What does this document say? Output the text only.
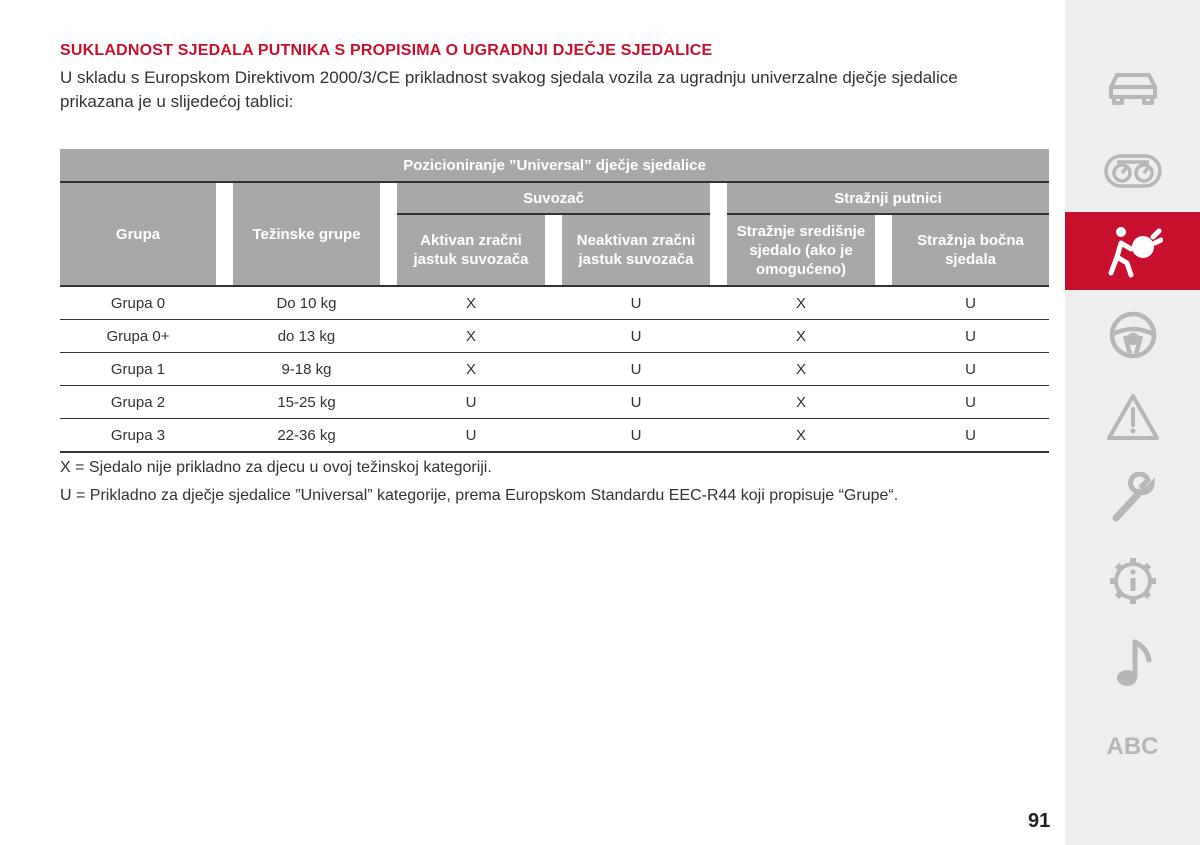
SUKLADNOST SJEDALA PUTNIKA S PROPISIMA O UGRADNJI DJEČJE SJEDALICE

U skladu s Europskom Direktivom 2000/3/CE prikladnost svakog sjedala vozila za ugradnju univerzalne dječje sjedalice prikazana je u slijedećoj tablici:

Pozicioniranje ”Universal” dječje sjedalice										
Grupa		Težinske grupe		Suvozač				Stražnji putnici		
				Aktivan zračni jastuk suvozača		Neaktivan zračni jastuk suvozača		Stražnje središnje sjedalo (ako je omogućeno)		Stražnja bočna sjedala
Grupa 0		Do 10 kg		X		U		X		U
Grupa 0+		do 13 kg		X		U		X		U
Grupa 1		9-18 kg		X		U		X		U
Grupa 2		15-25 kg		U		U		X		U
Grupa 3		22-36 kg		U		U		X		U
X = Sjedalo nije prikladno za djecu u ovoj težinskoj kategoriji.
U = Prikladno za dječje sjedalice ”Universal” kategorije, prema Europskom Standardu EEC-R44 koji propisuje “Grupe“.
91
ABC
